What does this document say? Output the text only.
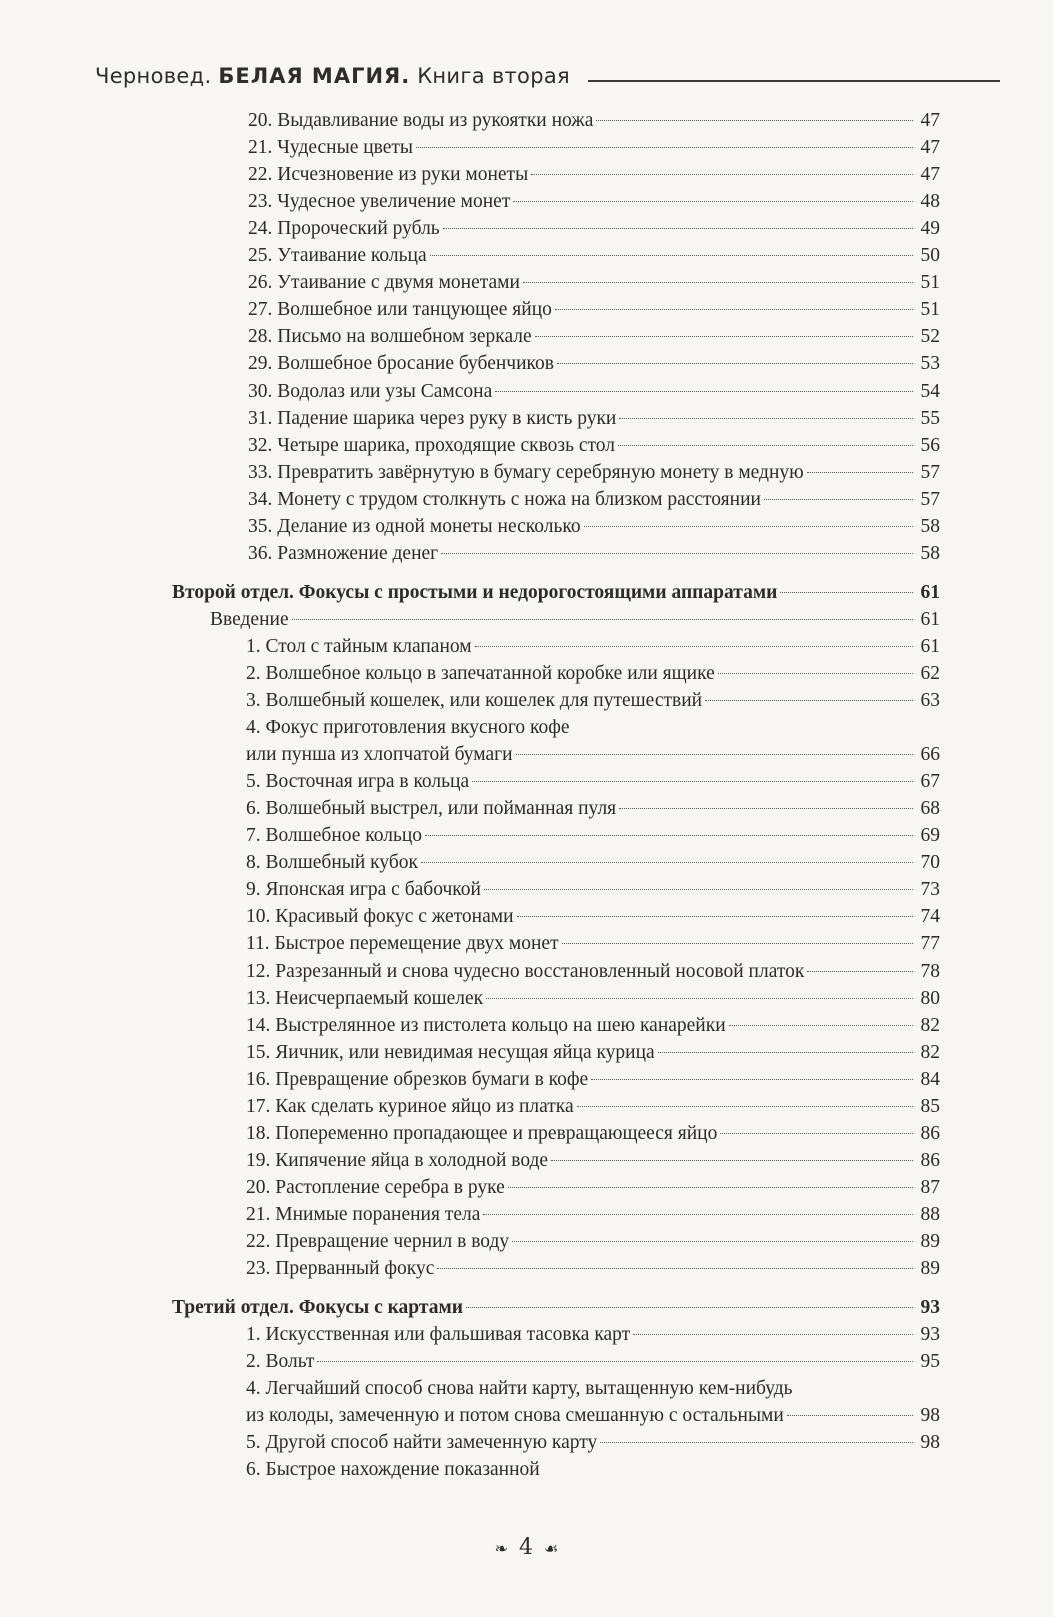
Черновед. БЕЛАЯ МАГИЯ. Книга вторая
20. Выдавливание воды из рукоятки ножа	47
21. Чудесные цветы	47
22. Исчезновение из руки монеты	47
23. Чудесное увеличение монет	48
24. Пророческий рубль	49
25. Утаивание кольца	50
26. Утаивание с двумя монетами	51
27. Волшебное или танцующее яйцо	51
28. Письмо на волшебном зеркале	52
29. Волшебное бросание бубенчиков	53
30. Водолаз или узы Самсона	54
31. Падение шарика через руку в кисть руки	55
32. Четыре шарика, проходящие сквозь стол	56
33. Превратить завёрнутую в бумагу серебряную монету в медную	57
34. Монету с трудом столкнуть с ножа на близком расстоянии	57
35. Делание из одной монеты несколько	58
36. Размножение денег	58
Второй отдел. Фокусы с простыми и недорогостоящими аппаратами	61
Введение	61
1. Стол с тайным клапаном	61
2. Волшебное кольцо в запечатанной коробке или ящике	62
3. Волшебный кошелек, или кошелек для путешествий	63
4. Фокус приготовления вкусного кофе
или пунша из хлопчатой бумаги	66
5. Восточная игра в кольца	67
6. Волшебный выстрел, или пойманная пуля	68
7. Волшебное кольцо	69
8. Волшебный кубок	70
9. Японская игра с бабочкой	73
10. Красивый фокус с жетонами	74
11. Быстрое перемещение двух монет	77
12. Разрезанный и снова чудесно восстановленный носовой платок	78
13. Неисчерпаемый кошелек	80
14. Выстрелянное из пистолета кольцо на шею канарейки	82
15. Яичник, или невидимая несущая яйца курица	82
16. Превращение обрезков бумаги в кофе	84
17. Как сделать куриное яйцо из платка	85
18. Попеременно пропадающее и превращающееся яйцо	86
19. Кипячение яйца в холодной воде	86
20. Растопление серебра в руке	87
21. Мнимые поранения тела	88
22. Превращение чернил в воду	89
23. Прерванный фокус	89
Третий отдел. Фокусы с картами	93
1. Искусственная или фальшивая тасовка карт	93
2. Вольт	95
4. Легчайший способ снова найти карту, вытащенную кем-нибудь
из колоды, замеченную и потом снова смешанную с остальными	98
5. Другой способ найти замеченную карту	98
6. Быстрое нахождение показанной
❧ 4 ☙
